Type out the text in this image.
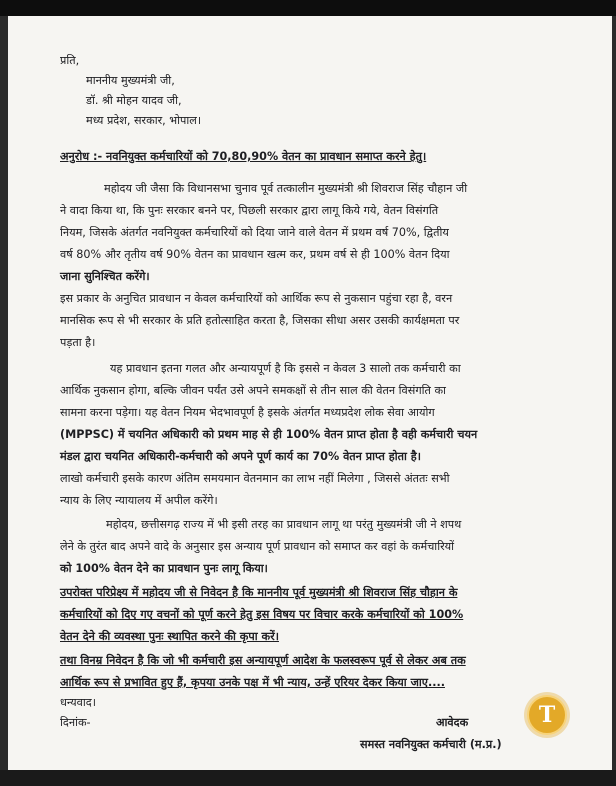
प्रति,
माननीय मुख्यमंत्री जी,
डॉ. श्री मोहन यादव जी,
मध्य प्रदेश, सरकार, भोपाल।
अनुरोध :- नवनियुक्त कर्मचारियों को 70,80,90% वेतन का प्रावधान समाप्त करने हेतु।
महोदय जी जैसा कि विधानसभा चुनाव पूर्व तत्कालीन मुख्यमंत्री श्री शिवराज सिंह चौहान जी
ने वादा किया था, कि पुनः सरकार बनने पर, पिछली सरकार द्वारा लागू किये गये, वेतन विसंगति
नियम, जिसके अंतर्गत नवनियुक्त कर्मचारियों को दिया जाने वाले वेतन में प्रथम वर्ष 70%, द्वितीय
वर्ष 80% और तृतीय वर्ष 90% वेतन का प्रावधान खत्म कर, प्रथम वर्ष से ही 100% वेतन दिया
जाना सुनिश्चित करेंगे।
इस प्रकार के अनुचित प्रावधान न केवल कर्मचारियों को आर्थिक रूप से नुकसान पहुंचा रहा है, वरन
मानसिक रूप से भी सरकार के प्रति हतोत्साहित करता है, जिसका सीधा असर उसकी कार्यक्षमता पर
पड़ता है।
यह प्रावधान इतना गलत और अन्यायपूर्ण है कि इससे न केवल 3 सालो तक कर्मचारी का
आर्थिक नुकसान होगा, बल्कि जीवन पर्यंत उसे अपने समकक्षों से तीन साल की वेतन विसंगति का
सामना करना पड़ेगा। यह वेतन नियम भेदभावपूर्ण है इसके अंतर्गत मध्यप्रदेश लोक सेवा आयोग
(MPPSC) में चयनित अधिकारी को प्रथम माह से ही 100% वेतन प्राप्त होता है वही कर्मचारी चयन
मंडल द्वारा चयनित अधिकारी-कर्मचारी को अपने पूर्ण कार्य का 70% वेतन प्राप्त होता है।
लाखो कर्मचारी इसके कारण अंतिम समयमान वेतनमान का लाभ नहीं मिलेगा , जिससे अंततः सभी
न्याय के लिए न्यायालय में अपील करेंगे।
महोदय, छत्तीसगढ़ राज्य में भी इसी तरह का प्रावधान लागू था परंतु मुख्यमंत्री जी ने शपथ
लेने के तुरंत बाद अपने वादे के अनुसार इस अन्याय पूर्ण प्रावधान को समाप्त कर वहां के कर्मचारियों
को 100% वेतन देने का प्रावधान पुनः लागू किया।
उपरोक्त परिप्रेक्ष्य में महोदय जी से निवेदन है कि माननीय पूर्व मुख्यमंत्री श्री शिवराज सिंह चौहान के
कर्मचारियों को दिए गए वचनों को पूर्ण करने हेतु इस विषय पर विचार करके कर्मचारियों को 100%
वेतन देने की व्यवस्था पुनः स्थापित करने की कृपा करें।
तथा विनम्र निवेदन है कि जो भी कर्मचारी इस अन्यायपूर्ण आदेश के फलस्वरूप पूर्व से लेकर अब तक
आर्थिक रूप से प्रभावित हुए हैं, कृपया उनके पक्ष में भी न्याय, उन्हें एरियर देकर किया जाए....
धन्यवाद।
दिनांक-	आवेदक
समस्त नवनियुक्त कर्मचारी (म.प्र.)
T
